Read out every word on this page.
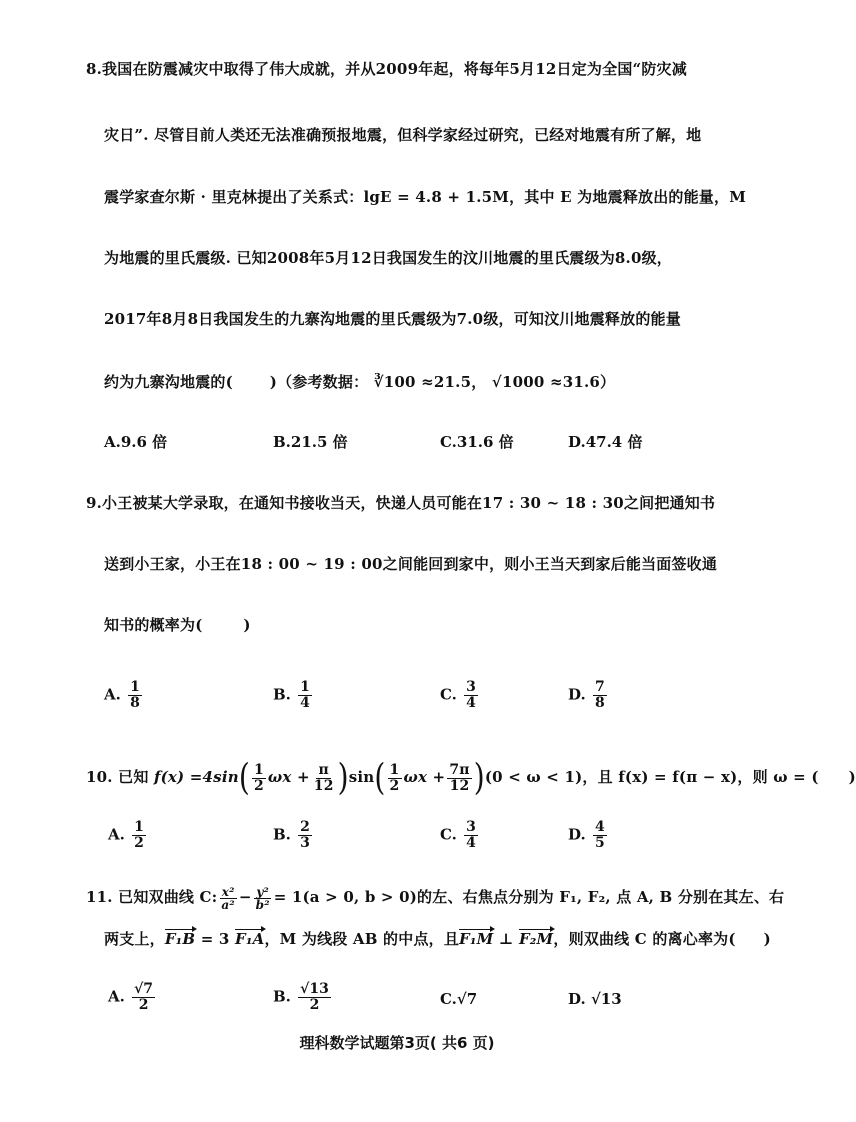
8.我国在防震减灾中取得了伟大成就，并从2009年起，将每年5月12日定为全国“防灾减
灾日”. 尽管目前人类还无法准确预报地震，但科学家经过研究，已经对地震有所了解，地
震学家查尔斯 · 里克林提出了关系式：lgE = 4.8 + 1.5M，其中 E 为地震释放出的能量，M
为地震的里氏震级. 已知2008年5月12日我国发生的汶川地震的里氏震级为8.0级，
2017年8月8日我国发生的九寨沟地震的里氏震级为7.0级，可知汶川地震释放的能量
约为九寨沟地震的( )（参考数据： ∛100 ≈21.5， √1000 ≈31.6）
A.9.6 倍	B.21.5 倍	C.31.6 倍	D.47.4 倍
9.小王被某大学录取，在通知书接收当天，快递人员可能在17 : 30 ~ 18 : 30之间把通知书
送到小王家，小王在18 : 00 ~ 19 : 00之间能回到家中，则小王当天到家后能当面签收通
知书的概率为(	)
A. $\frac{1}{8}$	B. $\frac{1}{4}$	C. $\frac{3}{4}$	D. $\frac{7}{8}$
10. 已知 $f(x) =4\sin( \frac{1}{2}$ $\omega x + \frac{\pi}{12} )\sin( \frac{1}{2}$ $\omega x + \frac{7\pi}{12} )(0 < \omega < 1)$，且 f(x) = f(π − x)，则 ω = ( )
A. $\frac{1}{2}$	B. $\frac{2}{3}$	C. $\frac{3}{4}$	D. $\frac{4}{5}$
11. 已知双曲线 C: $\frac{\text{x²}}{\text{a²}} - \frac{\text{y²}}{\text{b²}} = 1(a > 0$, b > 0)的左、右焦点分别为 F₁, F₂, 点 A, B 分别在其左、右
两支上，F₁B = 3 F₁A，M 为线段 AB 的中点，且F₁M ⊥ F₂M，则双曲线 C 的离心率为( )
A. $\frac{√7}{2}$	B. $\frac{√13}{2}$	C.√7	D. √13
理科数学试题第3页( 共6 页)
